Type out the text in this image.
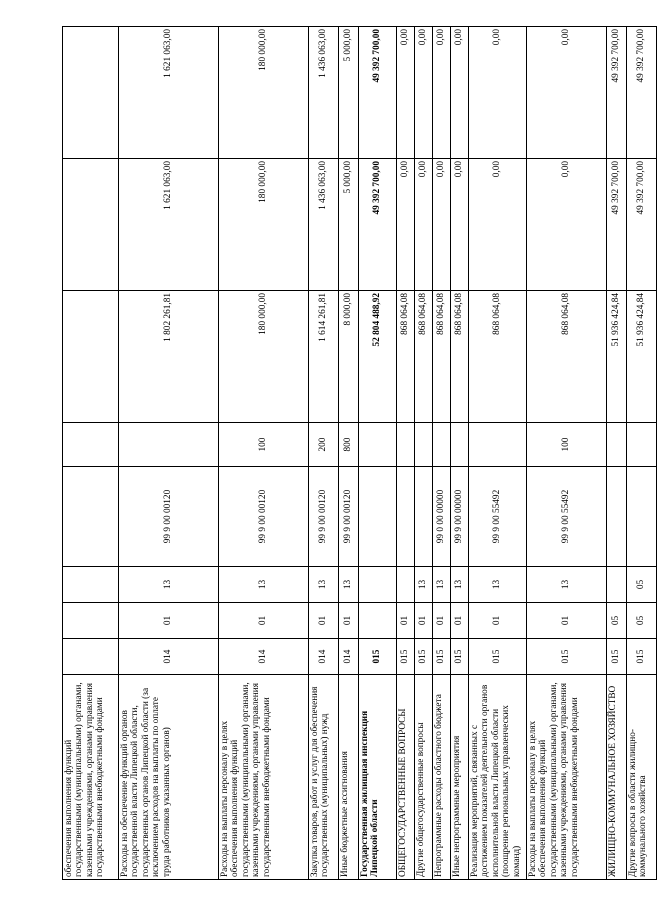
обеспечения выполнения функций государственными (муниципальными) органами, казенными учреждениями, органами управления государственными внебюджетными фондами								
Расходы на обеспечение функций органов государственной власти Липецкой области, государственных органов Липецкой области (за исключением расходов на выплаты по оплате труда работников указанных органов)	014	01	13	99 9 00 00120		1 802 261,81	1 621 063,00	1 621 063,00
Расходы на выплаты персоналу в целях обеспечения выполнения функций государственными (муниципальными) органами, казенными учреждениями, органами управления государственными внебюджетными фондами	014	01	13	99 9 00 00120	100	180 000,00	180 000,00	180 000,00
Закупка товаров, работ и услуг для обеспечения государственных (муниципальных) нужд	014	01	13	99 9 00 00120	200	1 614 261,81	1 436 063,00	1 436 063,00
Иные бюджетные ассигнования	014	01	13	99 9 00 00120	800	8 000,00	5 000,00	5 000,00
Государственная жилищная инспекция Липецкой области	015					52 804 488,92	49 392 700,00	49 392 700,00
ОБЩЕГОСУДАРСТВЕННЫЕ ВОПРОСЫ	015	01				868 064,08	0,00	0,00
Другие общегосударственные вопросы	015	01	13			868 064,08	0,00	0,00
Непрограммные расходы областного бюджета	015	01	13	99 0 00 00000		868 064,08	0,00	0,00
Иные непрограммные мероприятия	015	01	13	99 9 00 00000		868 064,08	0,00	0,00
Реализация мероприятий, связанных с достижением показателей деятельности органов исполнительной власти Липецкой области (поощрение региональных управленческих команд)	015	01	13	99 9 00 55492		868 064,08	0,00	0,00
Расходы на выплаты персоналу в целях обеспечения выполнения функций государственными (муниципальными) органами, казенными учреждениями, органами управления государственными внебюджетными фондами	015	01	13	99 9 00 55492	100	868 064,08	0,00	0,00
ЖИЛИЩНО-КОММУНАЛЬНОЕ ХОЗЯЙСТВО	015	05				51 936 424,84	49 392 700,00	49 392 700,00
Другие вопросы в области жилищно-коммунального хозяйства	015	05	05			51 936 424,84	49 392 700,00	49 392 700,00
